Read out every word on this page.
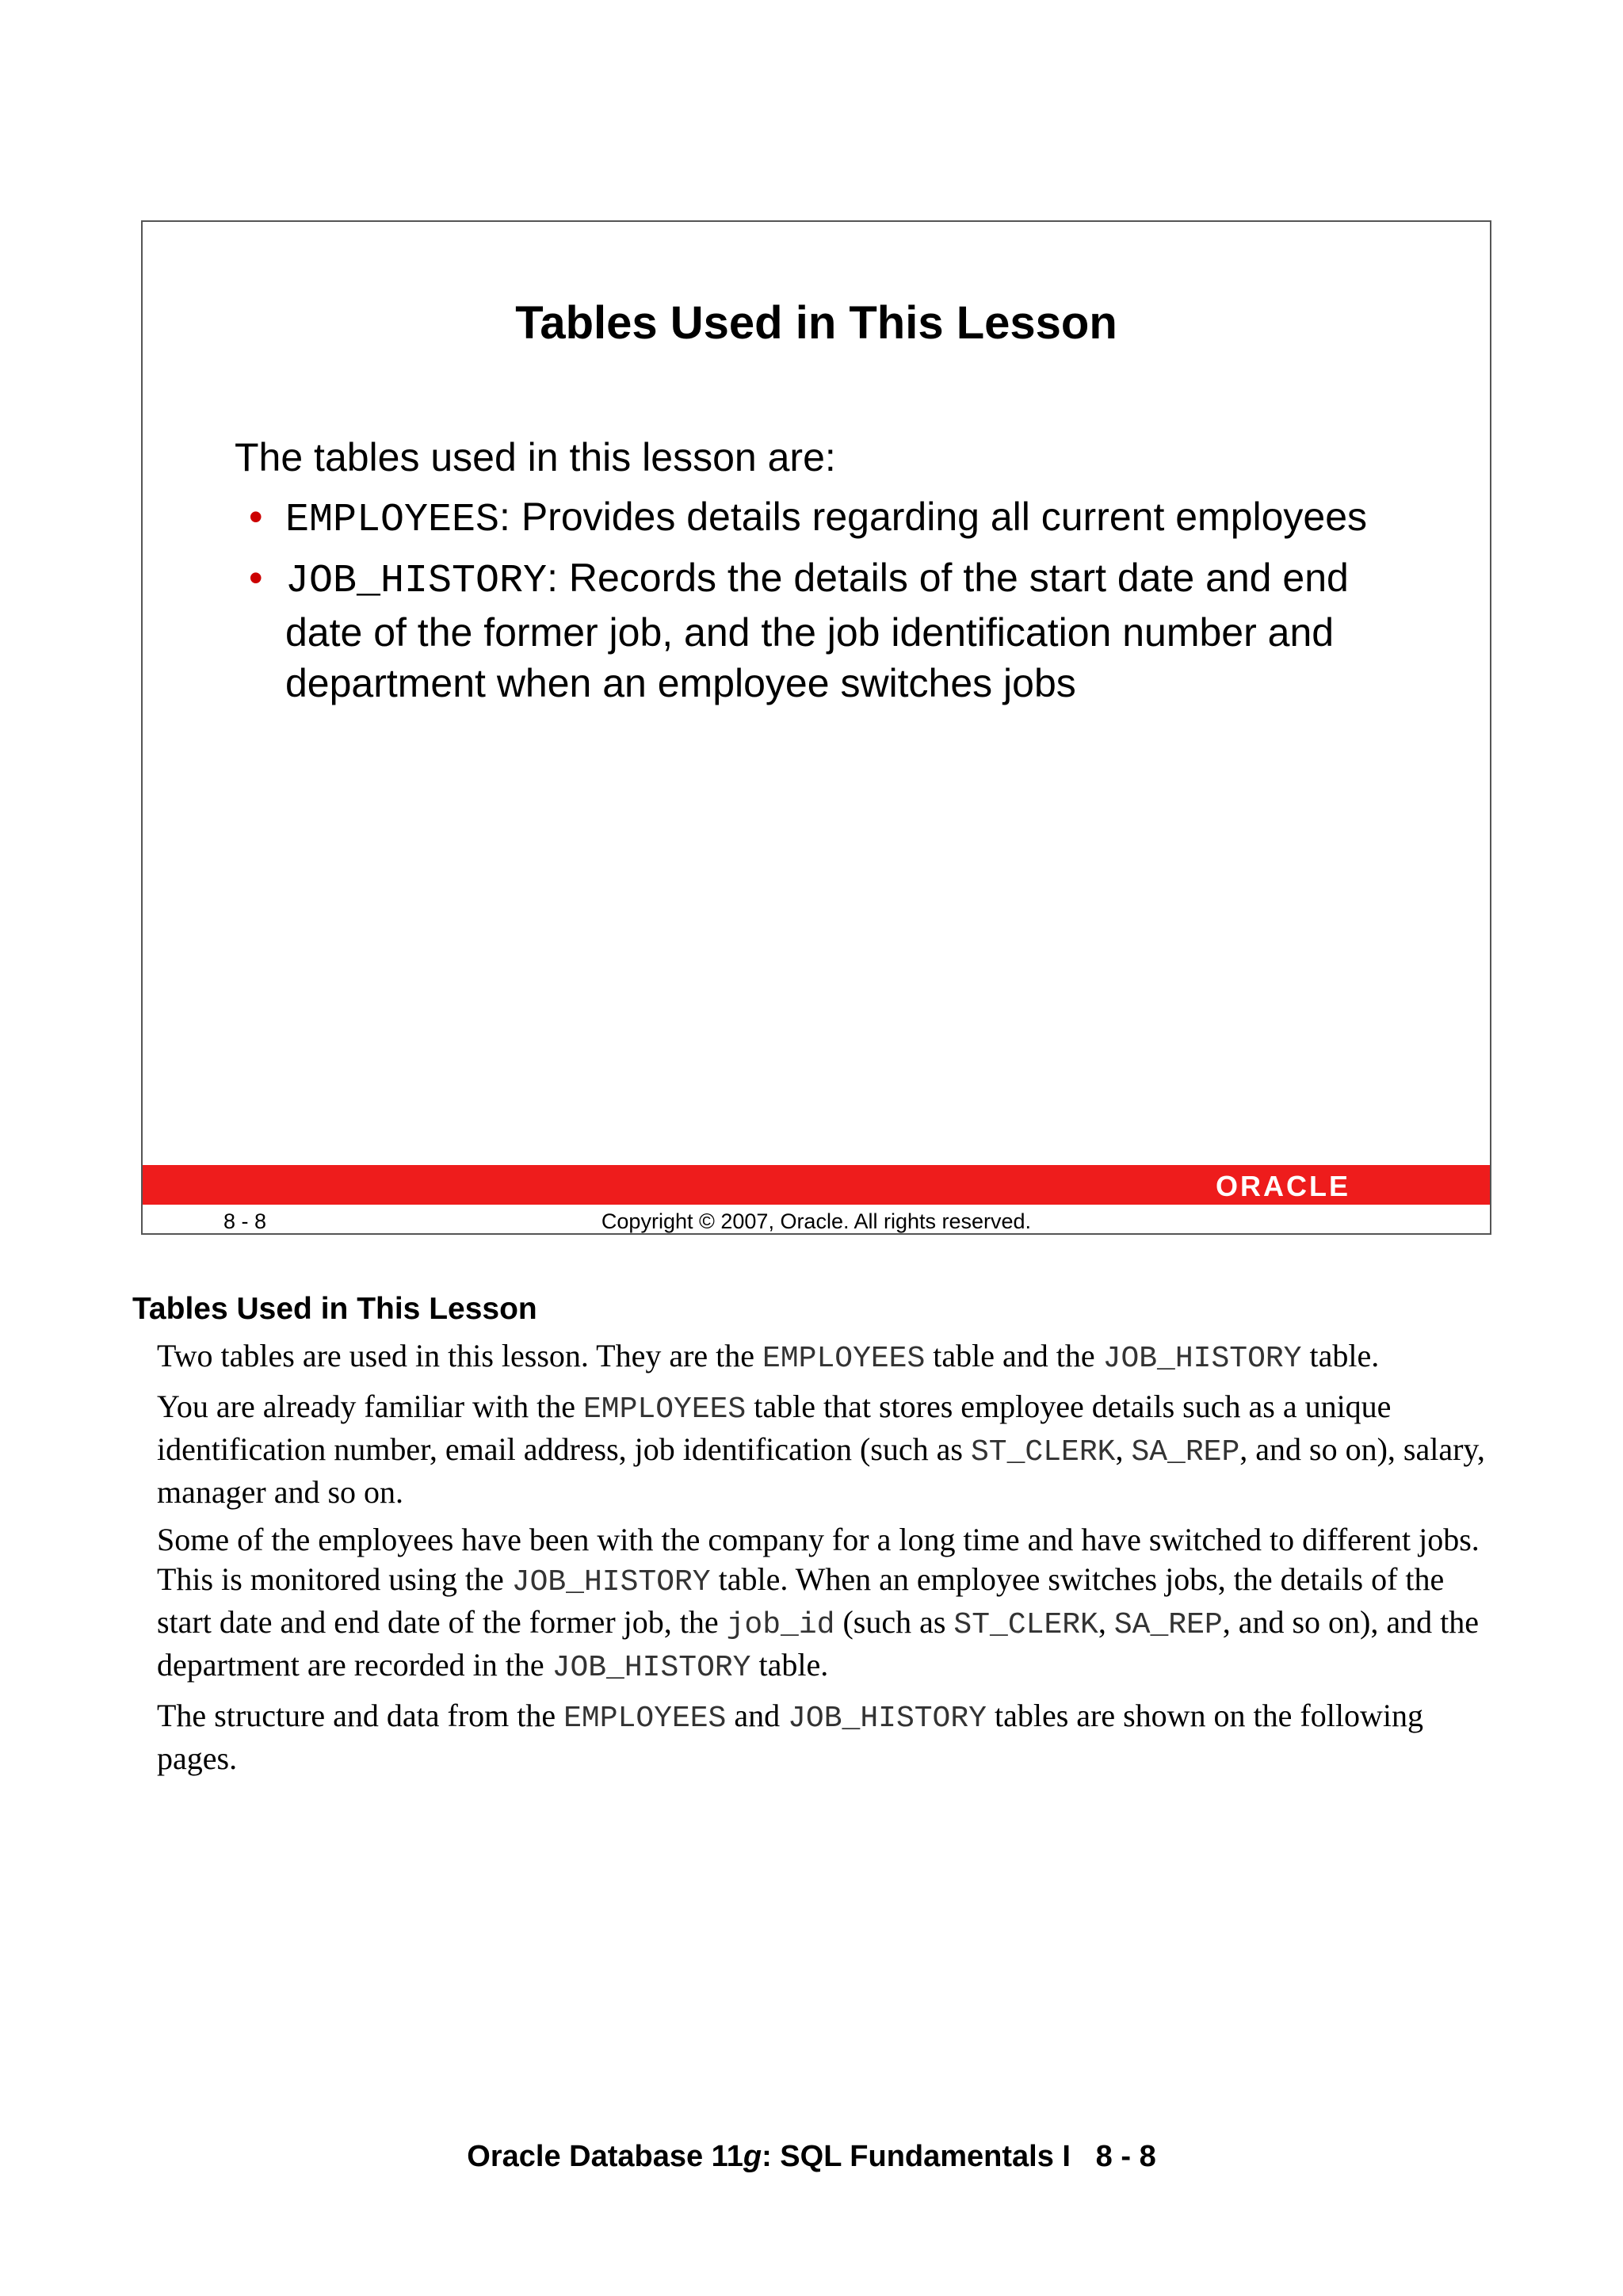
Tables Used in This Lesson
The tables used in this lesson are:
• EMPLOYEES: Provides details regarding all current employees
• JOB_HISTORY: Records the details of the start date and end date of the former job, and the job identification number and department when an employee switches jobs
ORACLE
8 - 8	Copyright © 2007, Oracle. All rights reserved.
Tables Used in This Lesson

Two tables are used in this lesson. They are the EMPLOYEES table and the JOB_HISTORY table.

You are already familiar with the EMPLOYEES table that stores employee details such as a unique identification number, email address, job identification (such as ST_CLERK, SA_REP, and so on), salary, manager and so on.

Some of the employees have been with the company for a long time and have switched to different jobs. This is monitored using the JOB_HISTORY table. When an employee switches jobs, the details of the start date and end date of the former job, the job_id (such as ST_CLERK, SA_REP, and so on), and the department are recorded in the JOB_HISTORY table.

The structure and data from the EMPLOYEES and JOB_HISTORY tables are shown on the following pages.

Oracle Database 11g: SQL Fundamentals I   8 - 8
